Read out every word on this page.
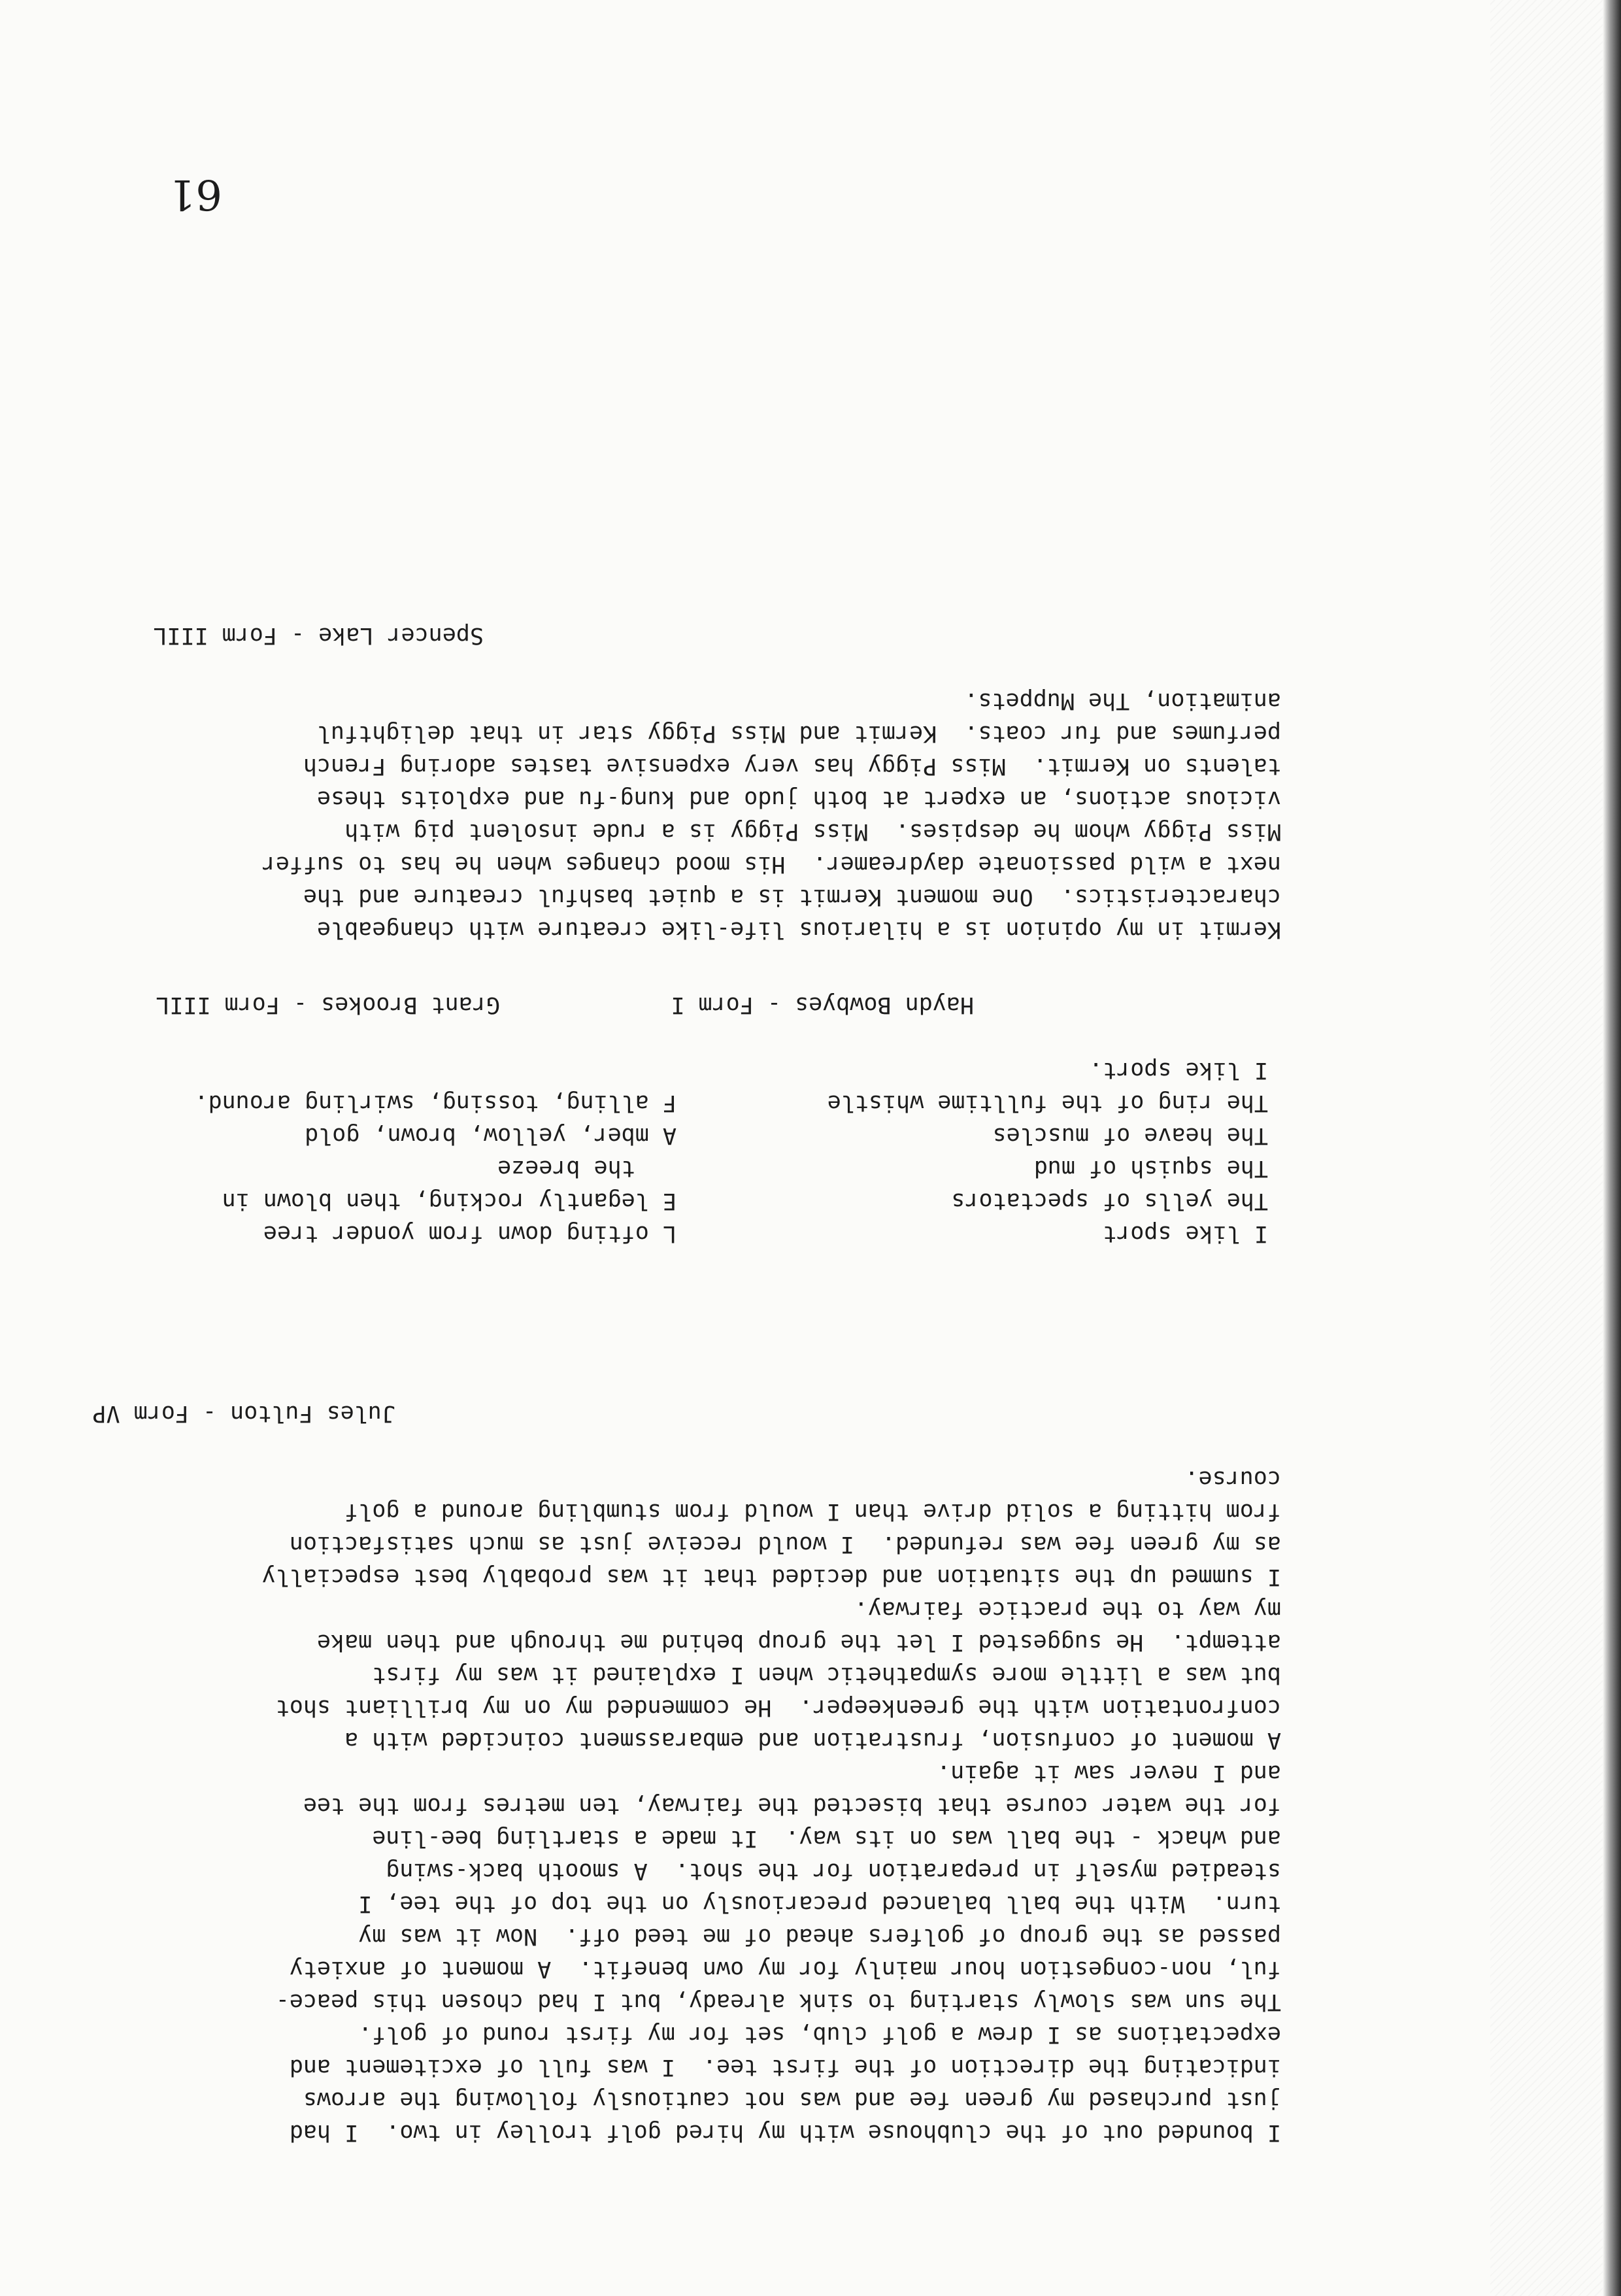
61
I bounded out of the clubhouse with my hired golf trolley in two.  I had
just purchased my green fee and was not cautiously following the arrows
indicating the direction of the first tee.  I was full of excitement and
expectations as I drew a golf club, set for my first round of golf.
The sun was slowly starting to sink already, but I had chosen this peace-
ful, non-congestion hour mainly for my own benefit.  A moment of anxiety
passed as the group of golfers ahead of me teed off.  Now it was my
turn.  With the ball balanced precariously on the top of the tee, I
steadied myself in preparation for the shot.  A smooth back-swing
and whack - the ball was on its way.  It made a startling bee-line
for the water course that bisected the fairway, ten metres from the tee
and I never saw it again.
A moment of confusion, frustration and embarassment coincided with a
confrontation with the greenkeeper.  He commended my on my brilliant shot
but was a little more sympathetic when I explained it was my first
attempt.  He suggested I let the group behind me through and then make
my way to the practice fairway.
I summed up the situation and decided that it was probably best especially
as my green fee was refunded.  I would receive just as much satisfaction
from hitting a solid drive than I would from stumbling around a golf
course.
Jules Fulton - Form VP
I like sport
The yells of spectators
The squish of mud
The heave of muscles
The ring of the fulltime whistle
I like sport.
Haydn Bowbyes - Form I
L ofting down from yonder tree
E legantly rocking, then blown in
the breeze
A mber, yellow, brown, gold
F alling, tossing, swirling around.
Grant Brookes - Form IIIL
Kermit in my opinion is a hilarious life-like creature with changeable
characteristics.  One moment Kermit is a quiet bashful creature and the
next a wild passionate daydreamer.  His mood changes when he has to suffer
Miss Piggy whom he despises.  Miss Piggy is a rude insolent pig with
vicious actions, an expert at both judo and kung-fu and exploits these
talents on Kermit.  Miss Piggy has very expensive tastes adoring French
perfumes and fur coats.  Kermit and Miss Piggy star in that delightful
animation, The Muppets.
Spencer Lake - Form IIIL
